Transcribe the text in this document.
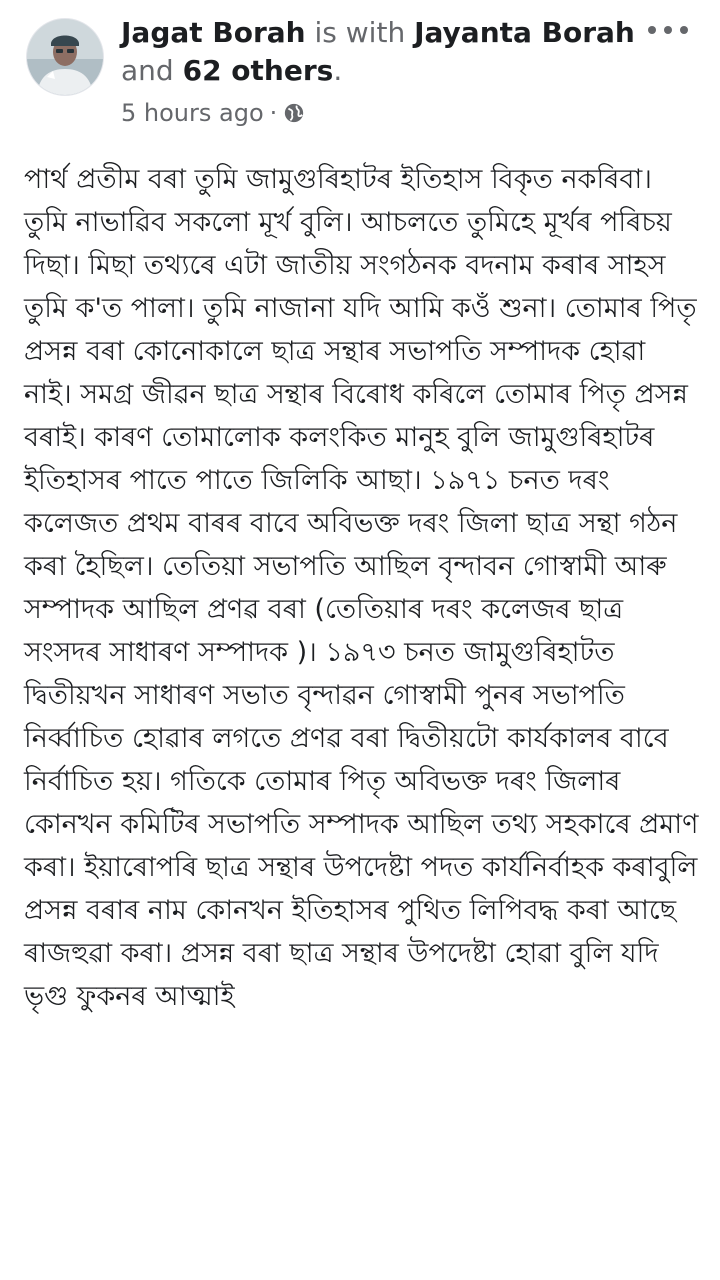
Jagat Borah is with Jayanta Borah
and 62 others.
5 hours ago ·

পাৰ্থ প্ৰতীম বৰা তুমি জামুগুৰিহাটৰ ইতিহাস বিকৃত নকৰিবা।

তুমি নাভাৱিব সকলো মূৰ্খ বুলি। আচলতে তুমিহে মূৰ্খৰ পৰিচয় দিছা। মিছা তথ্যৰে এটা জাতীয় সংগঠনক বদনাম কৰাৰ সাহস তুমি ক'ত পালা। তুমি নাজানা যদি আমি কওঁ শুনা। তোমাৰ পিতৃ প্ৰসন্ন বৰা কোনোকালে ছাত্ৰ সন্থাৰ সভাপতি সম্পাদক হোৱা নাই। সমগ্ৰ জীৱন ছাত্ৰ সন্থাৰ বিৰোধ কৰিলে তোমাৰ পিতৃ প্ৰসন্ন বৰাই। কাৰণ তোমালোক কলংকিত মানুহ বুলি জামুগুৰিহাটৰ ইতিহাসৰ পাতে পাতে জিলিকি আছা। ১৯৭১ চনত দৰং কলেজত প্ৰথম বাৰৰ বাবে অবিভক্ত দৰং জিলা ছাত্ৰ সন্থা গঠন কৰা হৈছিল। তেতিয়া সভাপতি আছিল বৃন্দাবন গোস্বামী আৰু সম্পাদক আছিল প্ৰণৱ বৰা (তেতিয়াৰ দৰং কলেজৰ ছাত্ৰ সংসদৰ সাধাৰণ সম্পাদক )। ১৯৭৩ চনত জামুগুৰিহাটত দ্বিতীয়খন সাধাৰণ সভাত বৃন্দাৱন গোস্বামী পুনৰ সভাপতি নিৰ্ব্বাচিত হোৱাৰ লগতে প্ৰণৱ বৰা দ্বিতীয়টো কাৰ্যকালৰ বাবে নিৰ্বাচিত হয়। গতিকে তোমাৰ পিতৃ অবিভক্ত দৰং জিলাৰ কোনখন কমিটিৰ সভাপতি সম্পাদক আছিল তথ্য সহকাৰে প্ৰমাণ কৰা। ইয়াৰোপৰি ছাত্ৰ সন্থাৰ উপদেষ্টা পদত কাৰ্যনিৰ্বাহক কৰাবুলি প্ৰসন্ন বৰাৰ নাম কোনখন ইতিহাসৰ পুথিত লিপিবদ্ধ কৰা আছে ৰাজহুৱা কৰা। প্ৰসন্ন বৰা ছাত্ৰ সন্থাৰ উপদেষ্টা হোৱা বুলি যদি ভৃগু ফুকনৰ আত্মাই
